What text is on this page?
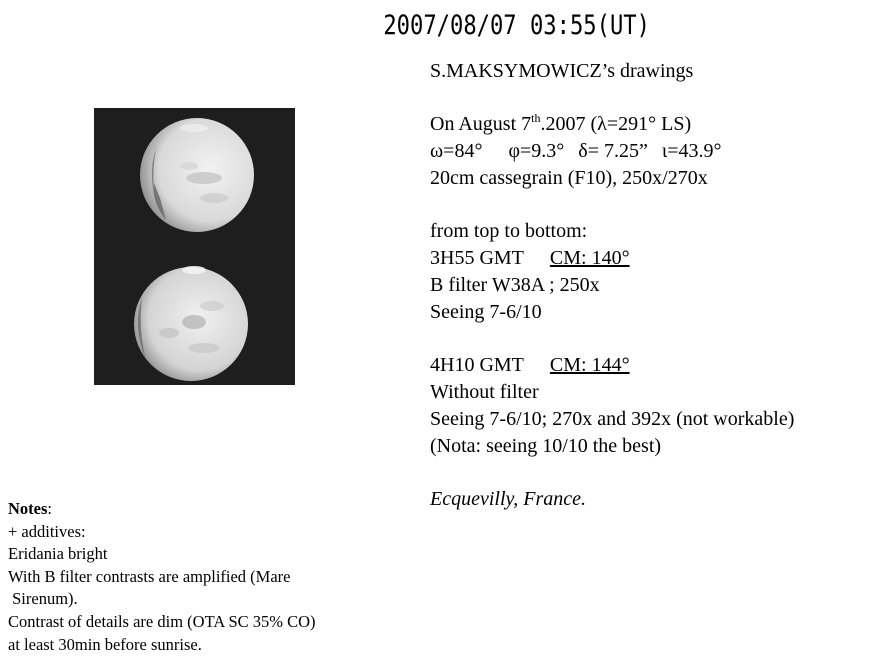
2007/08/07 03:55(UT)
S.MAKSYMOWICZ’s drawings
On August 7th.2007 (λ=291° LS)
ω=84° φ=9.3° δ= 7.25” ι=43.9°
20cm cassegrain (F10), 250x/270x
from top to bottom:
3H55 GMT CM: 140°
B filter W38A ; 250x
Seeing 7-6/10
4H10 GMT CM: 144°
Without filter
Seeing 7-6/10; 270x and 392x (not workable)
(Nota: seeing 10/10 the best)
Ecquevilly, France.
Notes:
+ additives:
Eridania bright
With B filter contrasts are amplified (Mare
Sirenum).
Contrast of details are dim (OTA SC 35% CO)
at least 30min before sunrise.
